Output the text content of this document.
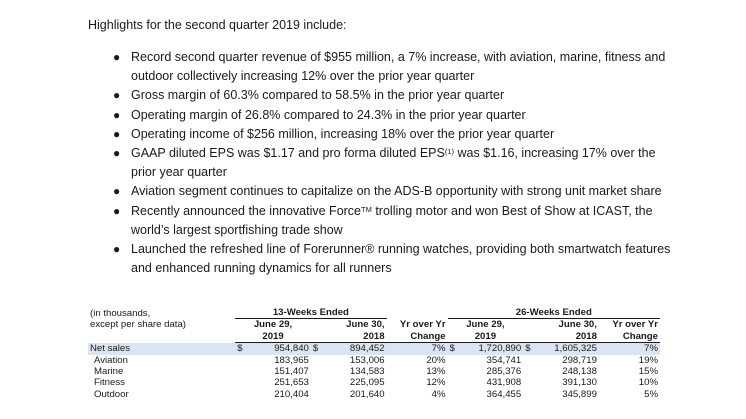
Highlights for the second quarter 2019 include:
● Record second quarter revenue of $955 million, a 7% increase, with aviation, marine, fitness and outdoor collectively increasing 12% over the prior year quarter
● Gross margin of 60.3% compared to 58.5% in the prior year quarter
● Operating margin of 26.8% compared to 24.3% in the prior year quarter
● Operating income of $256 million, increasing 18% over the prior year quarter
● GAAP diluted EPS was $1.17 and pro forma diluted EPS$^{(1)}$ was $1.16, increasing 17% over the prior year quarter
● Aviation segment continues to capitalize on the ADS-B opportunity with strong unit market share
● Recently announced the innovative Force™ trolling motor and won Best of Show at ICAST, the world’s largest sportfishing trade show
● Launched the refreshed line of Forerunner® running watches, providing both smartwatch features and enhanced running dynamics for all runners
(in thousands,	13-Weeks Ended					26-Weeks Ended				
except per share data)	June 29,		June 30,		Yr over Yr	June 29,		June 30,		Yr over Yr
	2019		2018		Change	2019		2018		Change
Net sales	$	954,840	$	894,452	7%	$	1,720,890	$	1,605,325	7%
Aviation		183,965		153,006	20%		354,741		298,719	19%
Marine		151,407		134,583	13%		285,376		248,138	15%
Fitness		251,653		225,095	12%		431,908		391,130	10%
Outdoor		210,404		201,640	4%		364,455		345,899	5%
